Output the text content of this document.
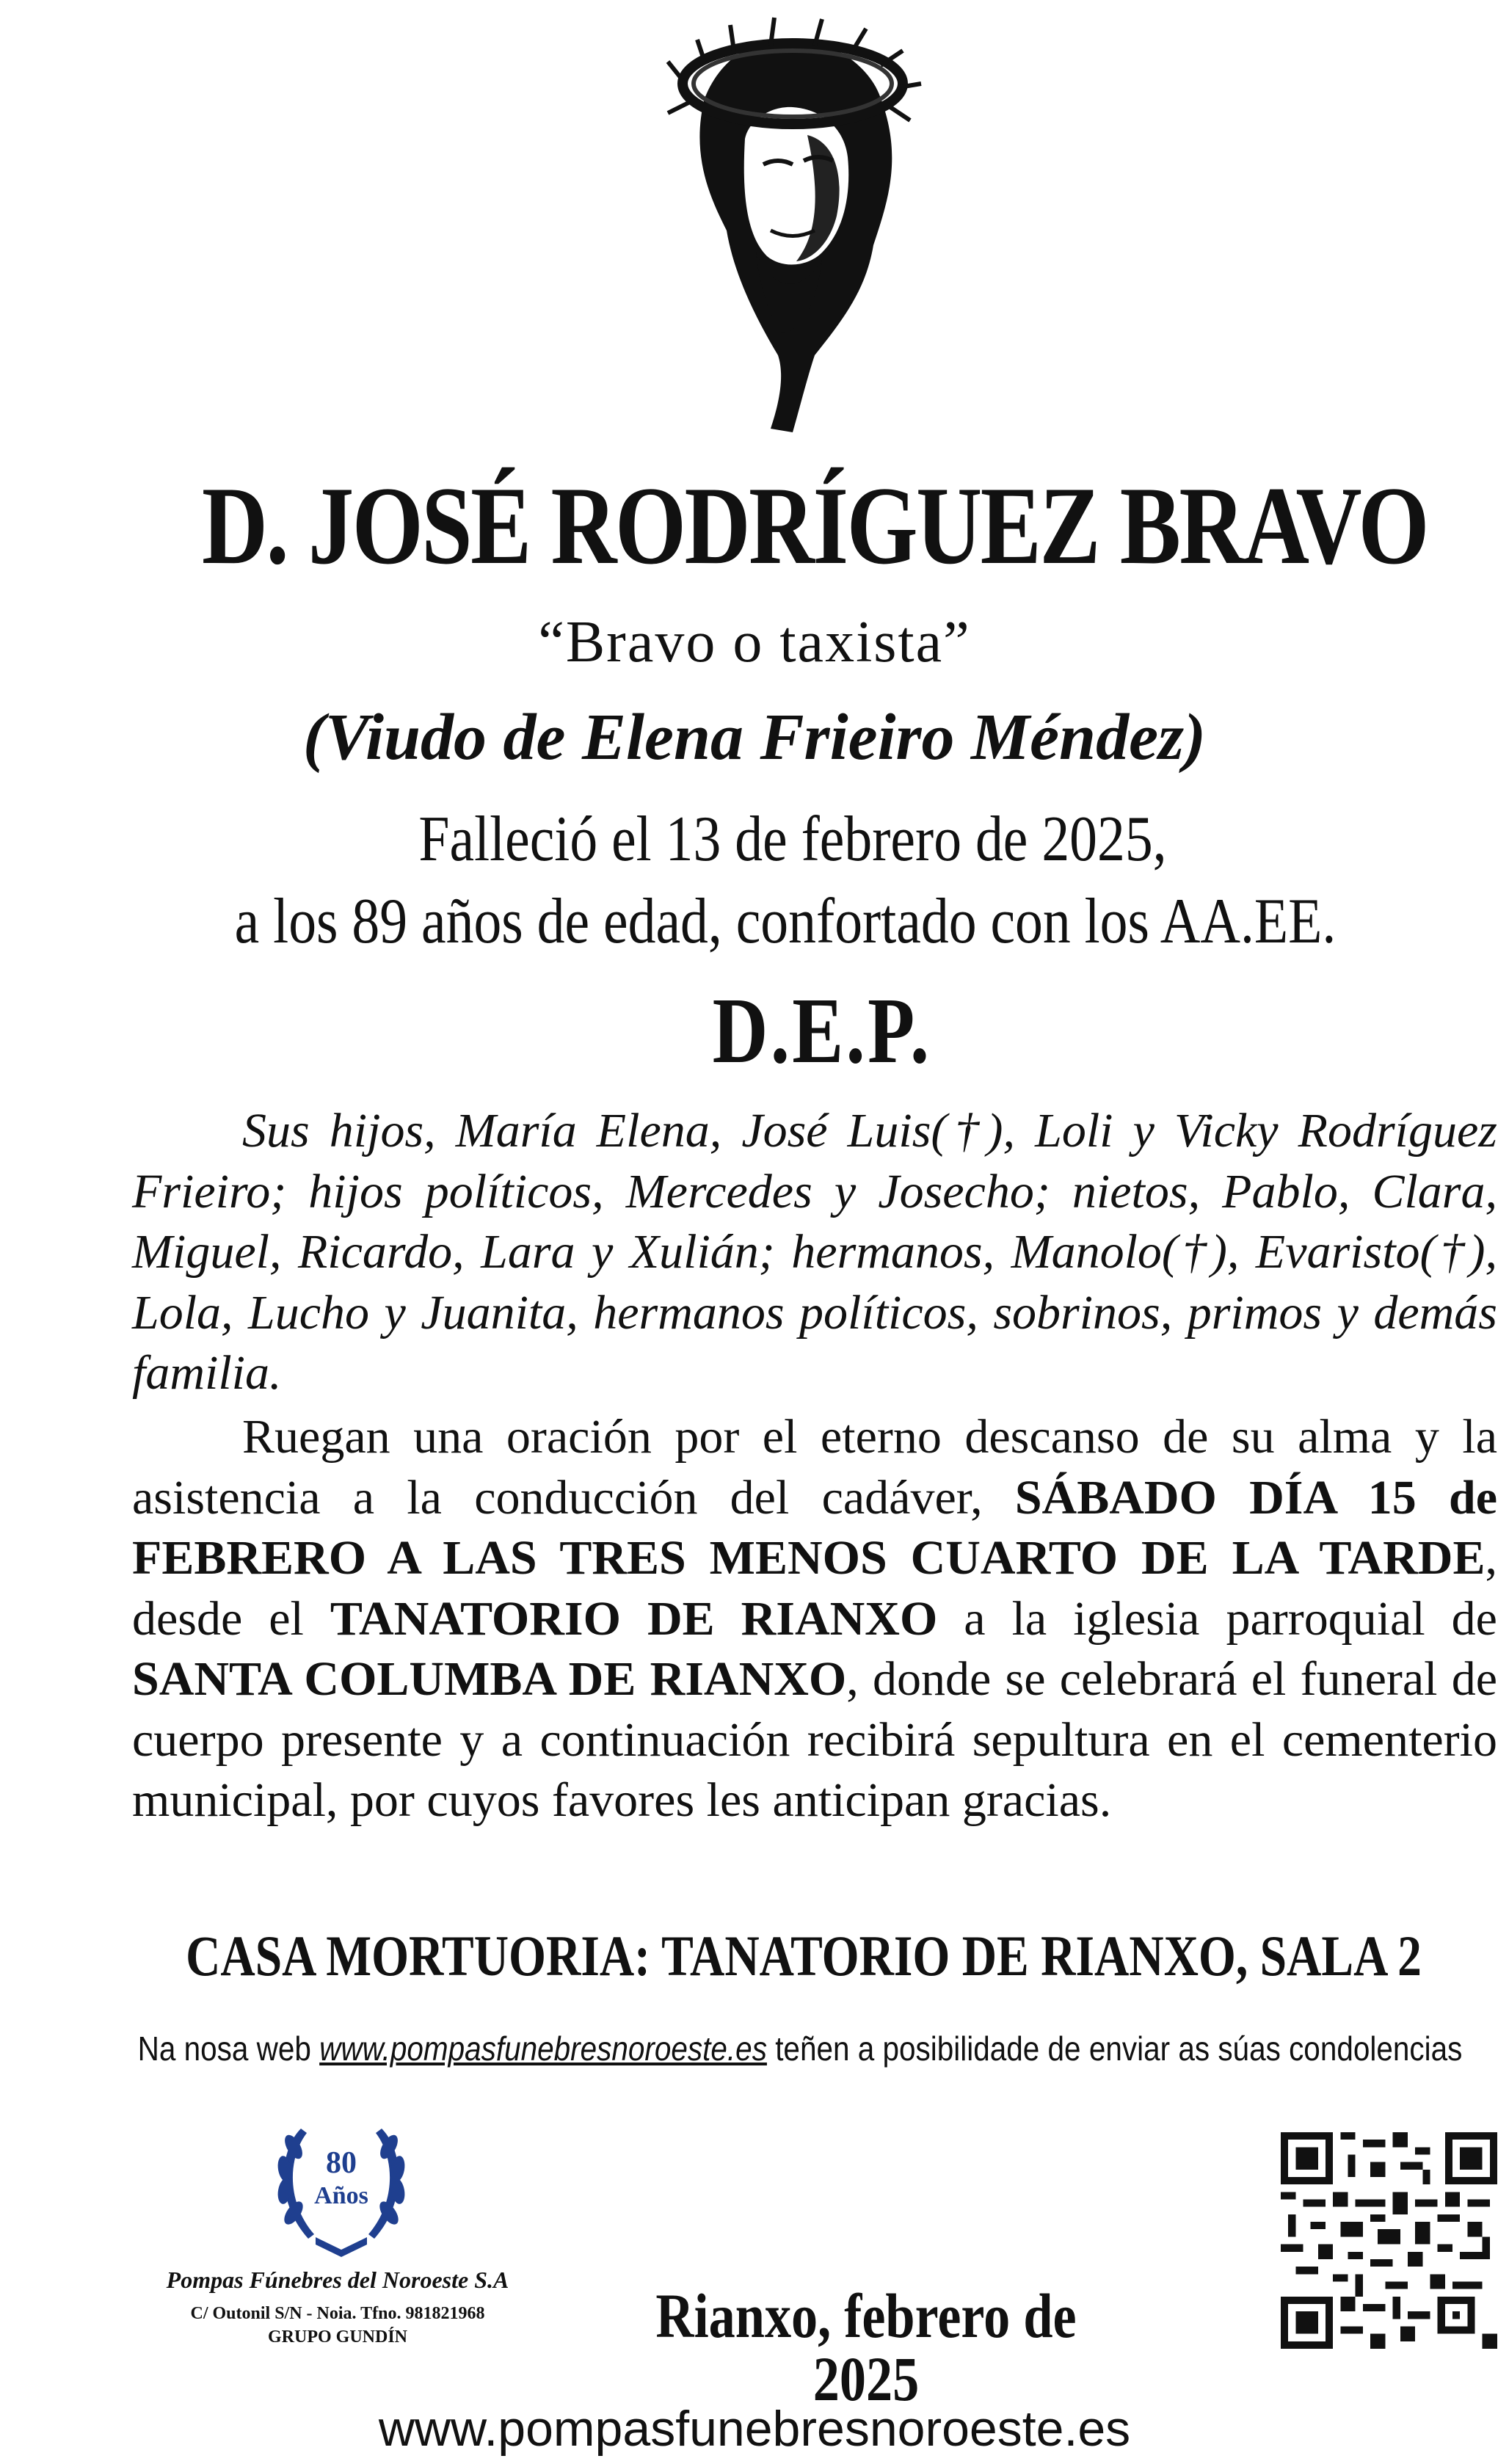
D. JOSÉ RODRÍGUEZ BRAVO
“Bravo o taxista”
(Viudo de Elena Frieiro Méndez)
Falleció el 13 de febrero de 2025,
a los 89 años de edad, confortado con los AA.EE.
D.E.P.
Sus hijos, María Elena, José Luis(†), Loli y Vicky Rodríguez Frieiro; hijos políticos, Mercedes y Josecho; nietos, Pablo, Clara, Miguel, Ricardo, Lara y Xulián; hermanos, Manolo(†), Evaristo(†), Lola, Lucho y Juanita, hermanos políticos, sobrinos, primos y demás familia.
Ruegan una oración por el eterno descanso de su alma y la asistencia a la conducción del cadáver, SÁBADO DÍA 15 de FEBRERO A LAS TRES MENOS CUARTO DE LA TARDE, desde el TANATORIO DE RIANXO a la iglesia parroquial de SANTA COLUMBA DE RIANXO, donde se celebrará el funeral de cuerpo presente y a continuación recibirá sepultura en el cementerio municipal, por cuyos favores les anticipan gracias.
CASA MORTUORIA: TANATORIO DE RIANXO, SALA 2
Na nosa web www.pompasfunebresnoroeste.es teñen a posibilidade de enviar as súas condolencias
80
Años
Pompas Fúnebres del Noroeste S.A
C/ Outonil S/N - Noia. Tfno. 981821968
GRUPO GUNDÍN	Rianxo, febrero de 2025
www.pompasfunebresnoroeste.es
